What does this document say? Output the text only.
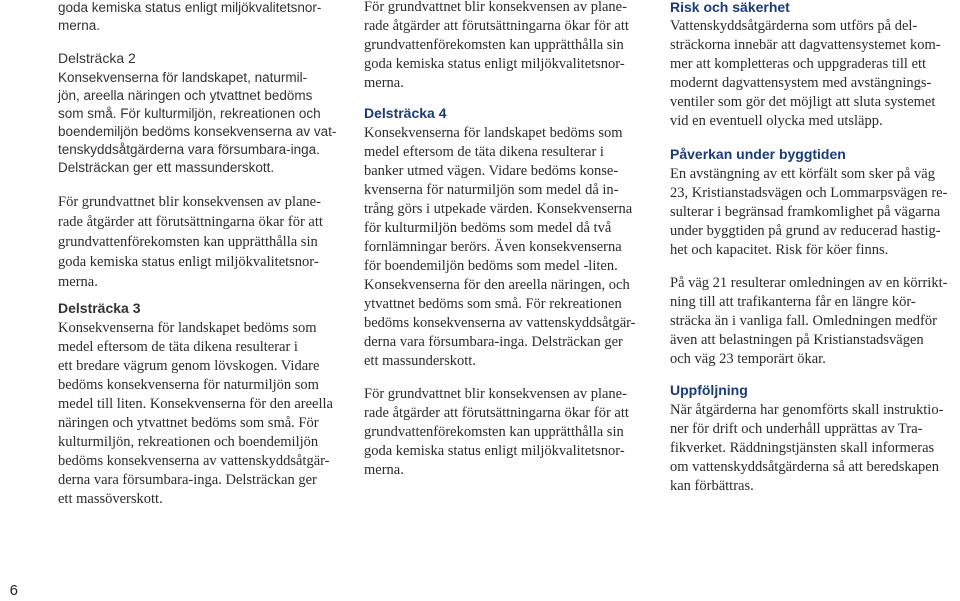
goda kemiska status enligt miljökvalitetsnor-
merna.
Delsträcka 2
Konsekvenserna för landskapet, naturmil-
jön, areella näringen och ytvattnet bedöms
som små. För kulturmiljön, rekreationen och
boendemiljön bedöms konsekvenserna av vat-
tenskyddsåtgärderna vara försumbara-inga.
Delsträckan ger ett massunderskott.
För grundvattnet blir konsekvensen av plane-
rade åtgärder att förutsättningarna ökar för att
grundvattenförekomsten kan upprätthålla sin
goda kemiska status enligt miljökvalitetsnor-
merna.
Delsträcka 3
Konsekvenserna för landskapet bedöms som
medel eftersom de täta dikena resulterar i
ett bredare vägrum genom lövskogen. Vidare
bedöms konsekvenserna för naturmiljön som
medel till liten. Konsekvenserna för den areella
näringen och ytvattnet bedöms som små. För
kulturmiljön, rekreationen och boendemiljön
bedöms konsekvenserna av vattenskyddsåtgär-
derna vara försumbara-inga. Delsträckan ger
ett massöverskott.
För grundvattnet blir konsekvensen av plane-
rade åtgärder att förutsättningarna ökar för att
grundvattenförekomsten kan upprätthålla sin
goda kemiska status enligt miljökvalitetsnor-
merna.
Delsträcka 4
Konsekvenserna för landskapet bedöms som
medel eftersom de täta dikena resulterar i
banker utmed vägen. Vidare bedöms konse-
kvenserna för naturmiljön som medel då in-
trång görs i utpekade värden. Konsekvenserna
för kulturmiljön bedöms som medel då två
fornlämningar berörs. Även konsekvenserna
för boendemiljön bedöms som medel -liten.
Konsekvenserna för den areella näringen, och
ytvattnet bedöms som små. För rekreationen
bedöms konsekvenserna av vattenskyddsåtgär-
derna vara försumbara-inga. Delsträckan ger
ett massunderskott.
För grundvattnet blir konsekvensen av plane-
rade åtgärder att förutsättningarna ökar för att
grundvattenförekomsten kan upprätthålla sin
goda kemiska status enligt miljökvalitetsnor-
merna.
Risk och säkerhet
Vattenskyddsåtgärderna som utförs på del-
sträckorna innebär att dagvattensystemet kom-
mer att kompletteras och uppgraderas till ett
modernt dagvattensystem med avstängnings-
ventiler som gör det möjligt att sluta systemet
vid en eventuell olycka med utsläpp.
Påverkan under byggtiden
En avstängning av ett körfält som sker på väg
23, Kristianstadsvägen och Lommarpsvägen re-
sulterar i begränsad framkomlighet på vägarna
under byggtiden på grund av reducerad hastig-
het och kapacitet. Risk för köer finns.
På väg 21 resulterar omledningen av en körrikt-
ning till att trafikanterna får en längre kör-
sträcka än i vanliga fall. Omledningen medför
även att belastningen på Kristianstadsvägen
och väg 23 temporärt ökar.
Uppföljning
När åtgärderna har genomförts skall instruktio-
ner för drift och underhåll upprättas av Tra-
fikverket. Räddningstjänsten skall informeras
om vattenskyddsåtgärderna så att beredskapen
kan förbättras.
6
